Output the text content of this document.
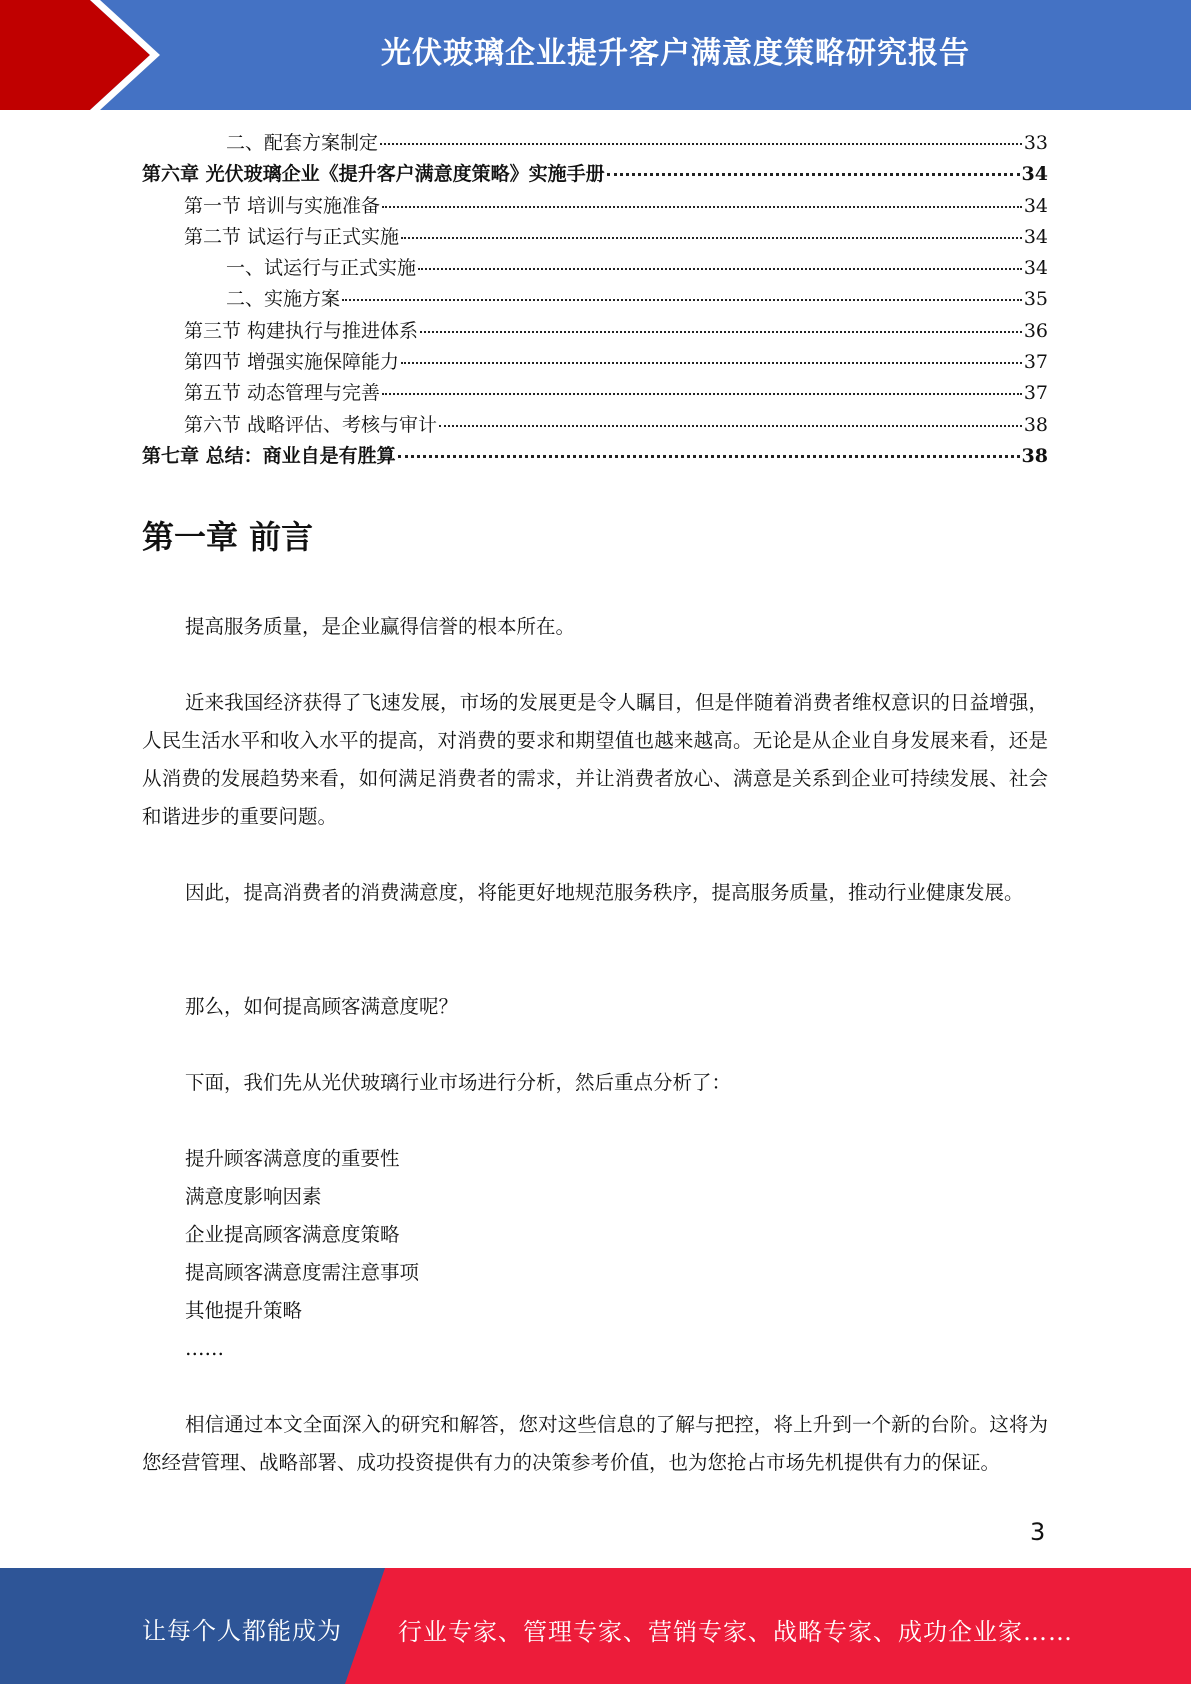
光伏玻璃企业提升客户满意度策略研究报告
二、配套方案制定	33
第六章 光伏玻璃企业《提升客户满意度策略》实施手册	34
第一节 培训与实施准备	34
第二节 试运行与正式实施	34
一、试运行与正式实施	34
二、实施方案	35
第三节 构建执行与推进体系	36
第四节 增强实施保障能力	37
第五节 动态管理与完善	37
第六节 战略评估、考核与审计	38
第七章 总结：商业自是有胜算	38
第一章 前言

提高服务质量，是企业赢得信誉的根本所在。

近来我国经济获得了飞速发展，市场的发展更是令人瞩目，但是伴随着消费者维权意识的日益增强，人民生活水平和收入水平的提高，对消费的要求和期望值也越来越高。无论是从企业自身发展来看，还是从消费的发展趋势来看，如何满足消费者的需求，并让消费者放心、满意是关系到企业可持续发展、社会和谐进步的重要问题。

因此，提高消费者的消费满意度，将能更好地规范服务秩序，提高服务质量，推动行业健康发展。

那么，如何提高顾客满意度呢？

下面，我们先从光伏玻璃行业市场进行分析，然后重点分析了：

提升顾客满意度的重要性

满意度影响因素

企业提高顾客满意度策略

提高顾客满意度需注意事项

其他提升策略

……

相信通过本文全面深入的研究和解答，您对这些信息的了解与把控，将上升到一个新的台阶。这将为您经营管理、战略部署、成功投资提供有力的决策参考价值，也为您抢占市场先机提供有力的保证。

3
让每个人都能成为 行业专家、管理专家、营销专家、战略专家、成功企业家……
